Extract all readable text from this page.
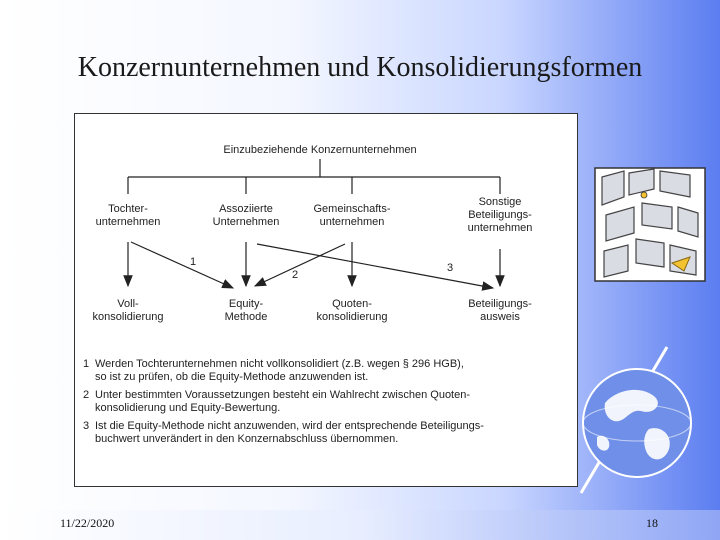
Konzernunternehmen und Konsolidierungsformen
Einzubeziehende Konzernunternehmen
Tochter-
unternehmen
Assoziierte
Unternehmen
Gemeinschafts-
unternehmen
Sonstige
Beteiligungs-
unternehmen
1
2
3
Voll-
konsolidierung
Equity-
Methode
Quoten-
konsolidierung
Beteiligungs-
ausweis
1 Werden Tochterunternehmen nicht vollkonsolidiert (z.B. wegen § 296 HGB),
so ist zu prüfen, ob die Equity-Methode anzuwenden ist.
2 Unter bestimmten Voraussetzungen besteht ein Wahlrecht zwischen Quoten-
konsolidierung und Equity-Bewertung.
3 Ist die Equity-Methode nicht anzuwenden, wird der entsprechende Beteiligungs-
buchwert unverändert in den Konzernabschluss übernommen.
11/22/2020	18
